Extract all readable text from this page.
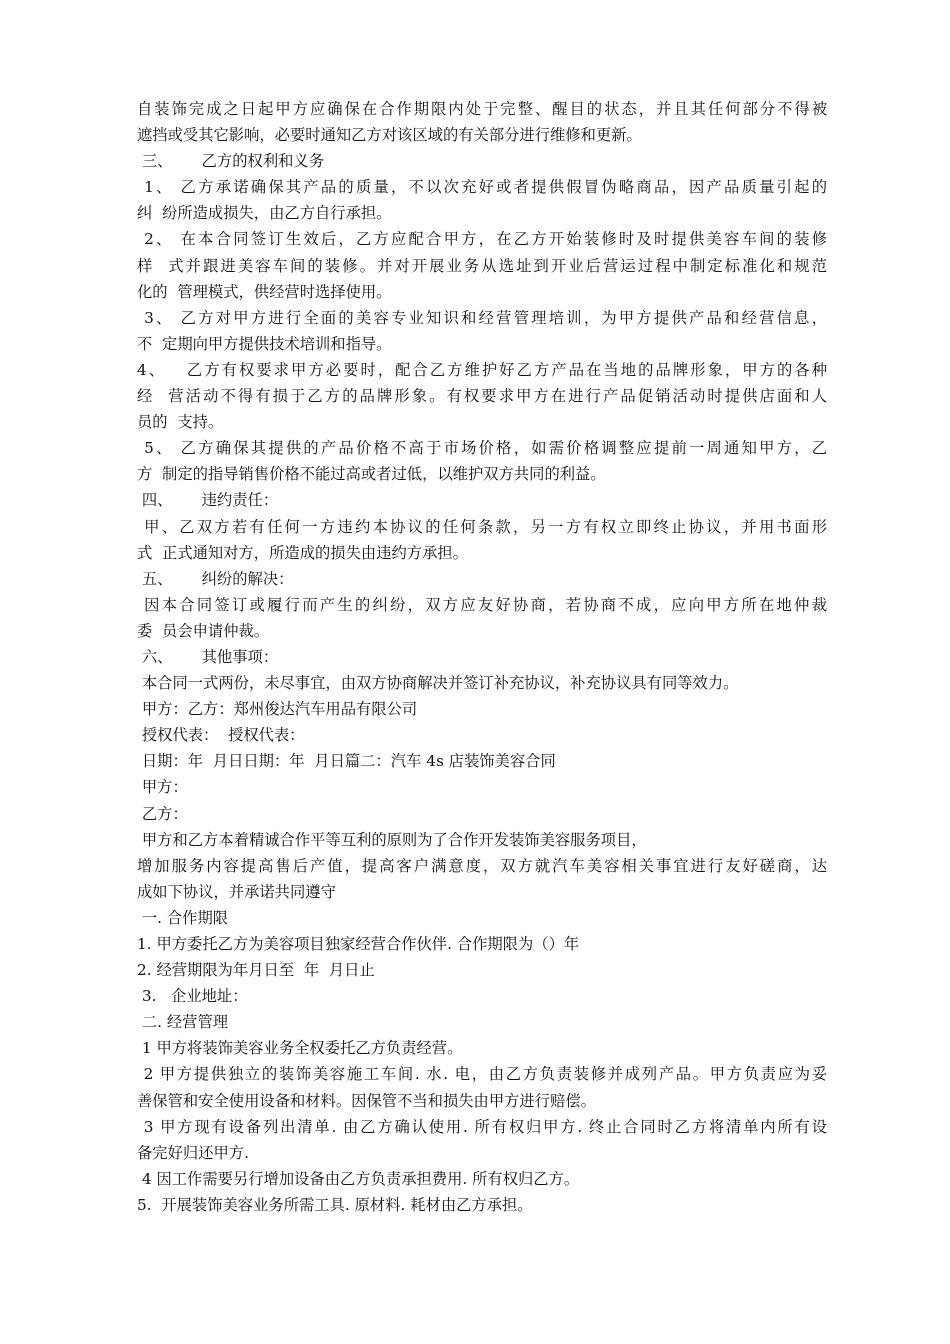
自装饰完成之日起甲方应确保在合作期限内处于完整、醒目的状态，并且其任何部分不得被
遮挡或受其它影响，必要时通知乙方对该区域的有关部分进行维修和更新。
三、      乙方的权利和义务
1、 乙方承诺确保其产品的质量，不以次充好或者提供假冒伪略商品，因产品质量引起的
纠  纷所造成损失，由乙方自行承担。
2、 在本合同签订生效后，乙方应配合甲方，在乙方开始装修时及时提供美容车间的装修
样  式并跟进美容车间的装修。并对开展业务从选址到开业后营运过程中制定标准化和规范
化的  管理模式，供经营时选择使用。
3、 乙方对甲方进行全面的美容专业知识和经营管理培训，为甲方提供产品和经营信息，
不  定期向甲方提供技术培训和指导。
4、   乙方有权要求甲方必要时，配合乙方维护好乙方产品在当地的品牌形象，甲方的各种
经  营活动不得有损于乙方的品牌形象。有权要求甲方在进行产品促销活动时提供店面和人
员的  支持。
5、 乙方确保其提供的产品价格不高于市场价格，如需价格调整应提前一周通知甲方，乙
方  制定的指导销售价格不能过高或者过低，以维护双方共同的利益。
四、      违约责任：
甲、乙双方若有任何一方违约本协议的任何条款，另一方有权立即终止协议，并用书面形
式  正式通知对方，所造成的损失由违约方承担。
五、      纠纷的解决：
因本合同签订或履行而产生的纠纷，双方应友好协商，若协商不成，应向甲方所在地仲裁
委  员会申请仲裁。
六、      其他事项：
本合同一式两份，未尽事宜，由双方协商解决并签订补充协议，补充协议具有同等效力。
甲方：乙方：郑州俊达汽车用品有限公司
授权代表：  授权代表：
日期：年  月日日期：年  月日篇二：汽车 4s 店装饰美容合同
甲方：
乙方：
甲方和乙方本着精诚合作平等互利的原则为了合作开发装饰美容服务项目，
增加服务内容提高售后产值，提高客户满意度，双方就汽车美容相关事宜进行友好磋商，达
成如下协议，并承诺共同遵守
一. 合作期限
1. 甲方委托乙方为美容项目独家经营合作伙伴. 合作期限为（）年
2. 经营期限为年月日至  年  月日止
3.   企业地址：
二. 经营管理
1 甲方将装饰美容业务全权委托乙方负责经营。
2 甲方提供独立的装饰美容施工车间. 水. 电，由乙方负责装修并成列产品。甲方负责应为妥
善保管和安全使用设备和材料。因保管不当和损失由甲方进行赔偿。
3 甲方现有设备列出清单. 由乙方确认使用. 所有权归甲方. 终止合同时乙方将清单内所有设
备完好归还甲方.
4 因工作需要另行增加设备由乙方负责承担费用. 所有权归乙方。
5.  开展装饰美容业务所需工具. 原材料. 耗材由乙方承担。
